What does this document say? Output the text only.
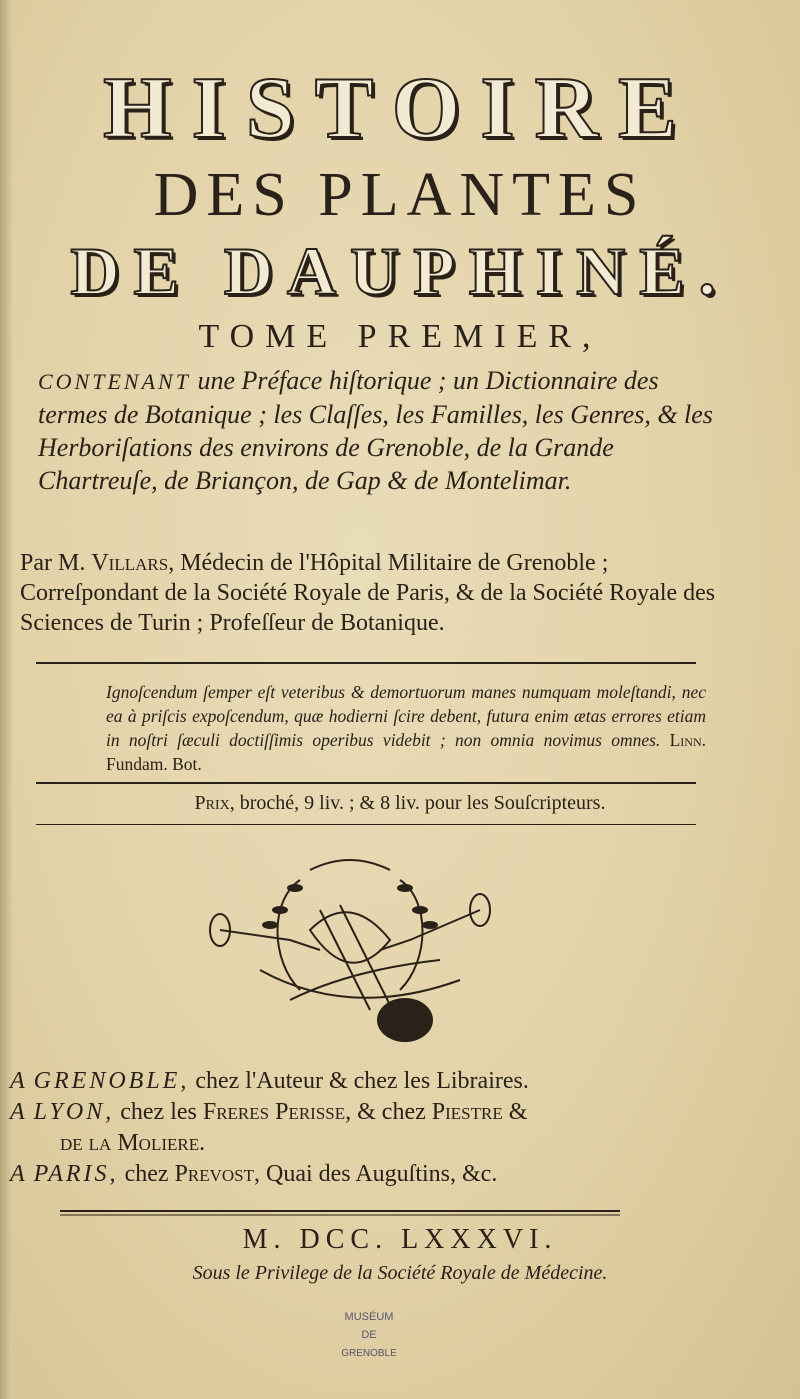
HISTOIRE
DES PLANTES
DE DAUPHINÉ.
TOME PREMIER,
CONTENANT une Préface hiſtorique ; un Dictionnaire des termes de Botanique ; les Claſſes, les Familles, les Genres, & les Herboriſations des environs de Grenoble, de la Grande Chartreuſe, de Briançon, de Gap & de Montelimar.
Par M. Villars, Médecin de l'Hôpital Militaire de Grenoble ; Correſpondant de la Société Royale de Paris, & de la Société Royale des Sciences de Turin ; Profeſſeur de Botanique.
Ignoſcendum ſemper eſt veteribus & demortuorum manes numquam moleſtandi, nec ea à priſcis expoſcendum, quæ hodierni ſcire debent, futura enim ætas errores etiam in noſtri ſæculi doctiſſimis operibus videbit ; non omnia novimus omnes. Linn. Fundam. Bot.
Prix, broché, 9 liv. ; & 8 liv. pour les Souſcripteurs.
A GRENOBLE, chez l'Auteur & chez les Libraires.
A LYON, chez les Freres Perisse, & chez Piestre &
de la Moliere.
A PARIS, chez Prevost, Quai des Auguſtins, &c.
M. DCC. LXXXVI.
Sous le Privilege de la Société Royale de Médecine.
MUSÉUM
DE
GRENOBLE
